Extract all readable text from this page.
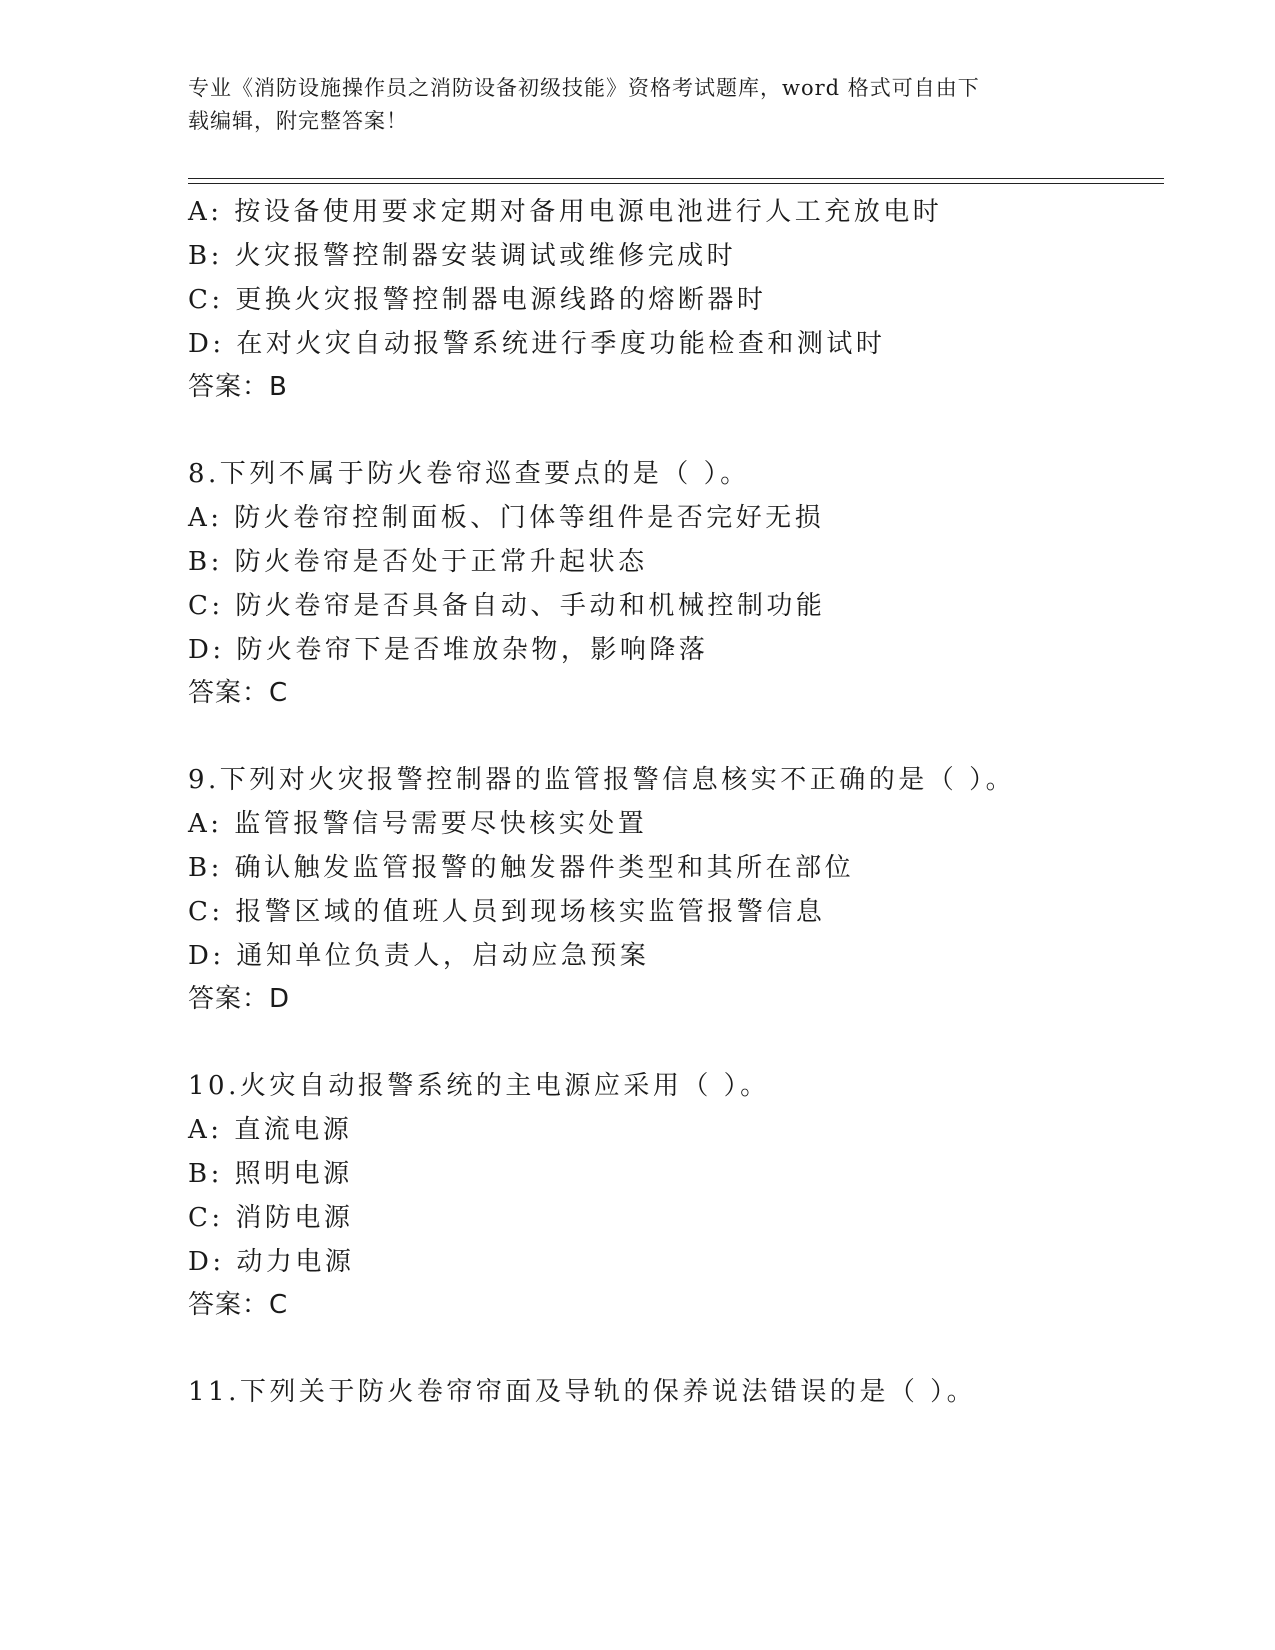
专业《消防设施操作员之消防设备初级技能》资格考试题库，word 格式可自由下
载编辑，附完整答案！
A: 按设备使用要求定期对备用电源电池进行人工充放电时
B: 火灾报警控制器安装调试或维修完成时
C: 更换火灾报警控制器电源线路的熔断器时
D: 在对火灾自动报警系统进行季度功能检查和测试时
答案：B
8.下列不属于防火卷帘巡查要点的是（ ）。
A: 防火卷帘控制面板、门体等组件是否完好无损
B: 防火卷帘是否处于正常升起状态
C: 防火卷帘是否具备自动、手动和机械控制功能
D: 防火卷帘下是否堆放杂物，影响降落
答案：C
9.下列对火灾报警控制器的监管报警信息核实不正确的是（ ）。
A: 监管报警信号需要尽快核实处置
B: 确认触发监管报警的触发器件类型和其所在部位
C: 报警区域的值班人员到现场核实监管报警信息
D: 通知单位负责人，启动应急预案
答案：D
10.火灾自动报警系统的主电源应采用（ ）。
A: 直流电源
B: 照明电源
C: 消防电源
D: 动力电源
答案：C
11.下列关于防火卷帘帘面及导轨的保养说法错误的是（ ）。
